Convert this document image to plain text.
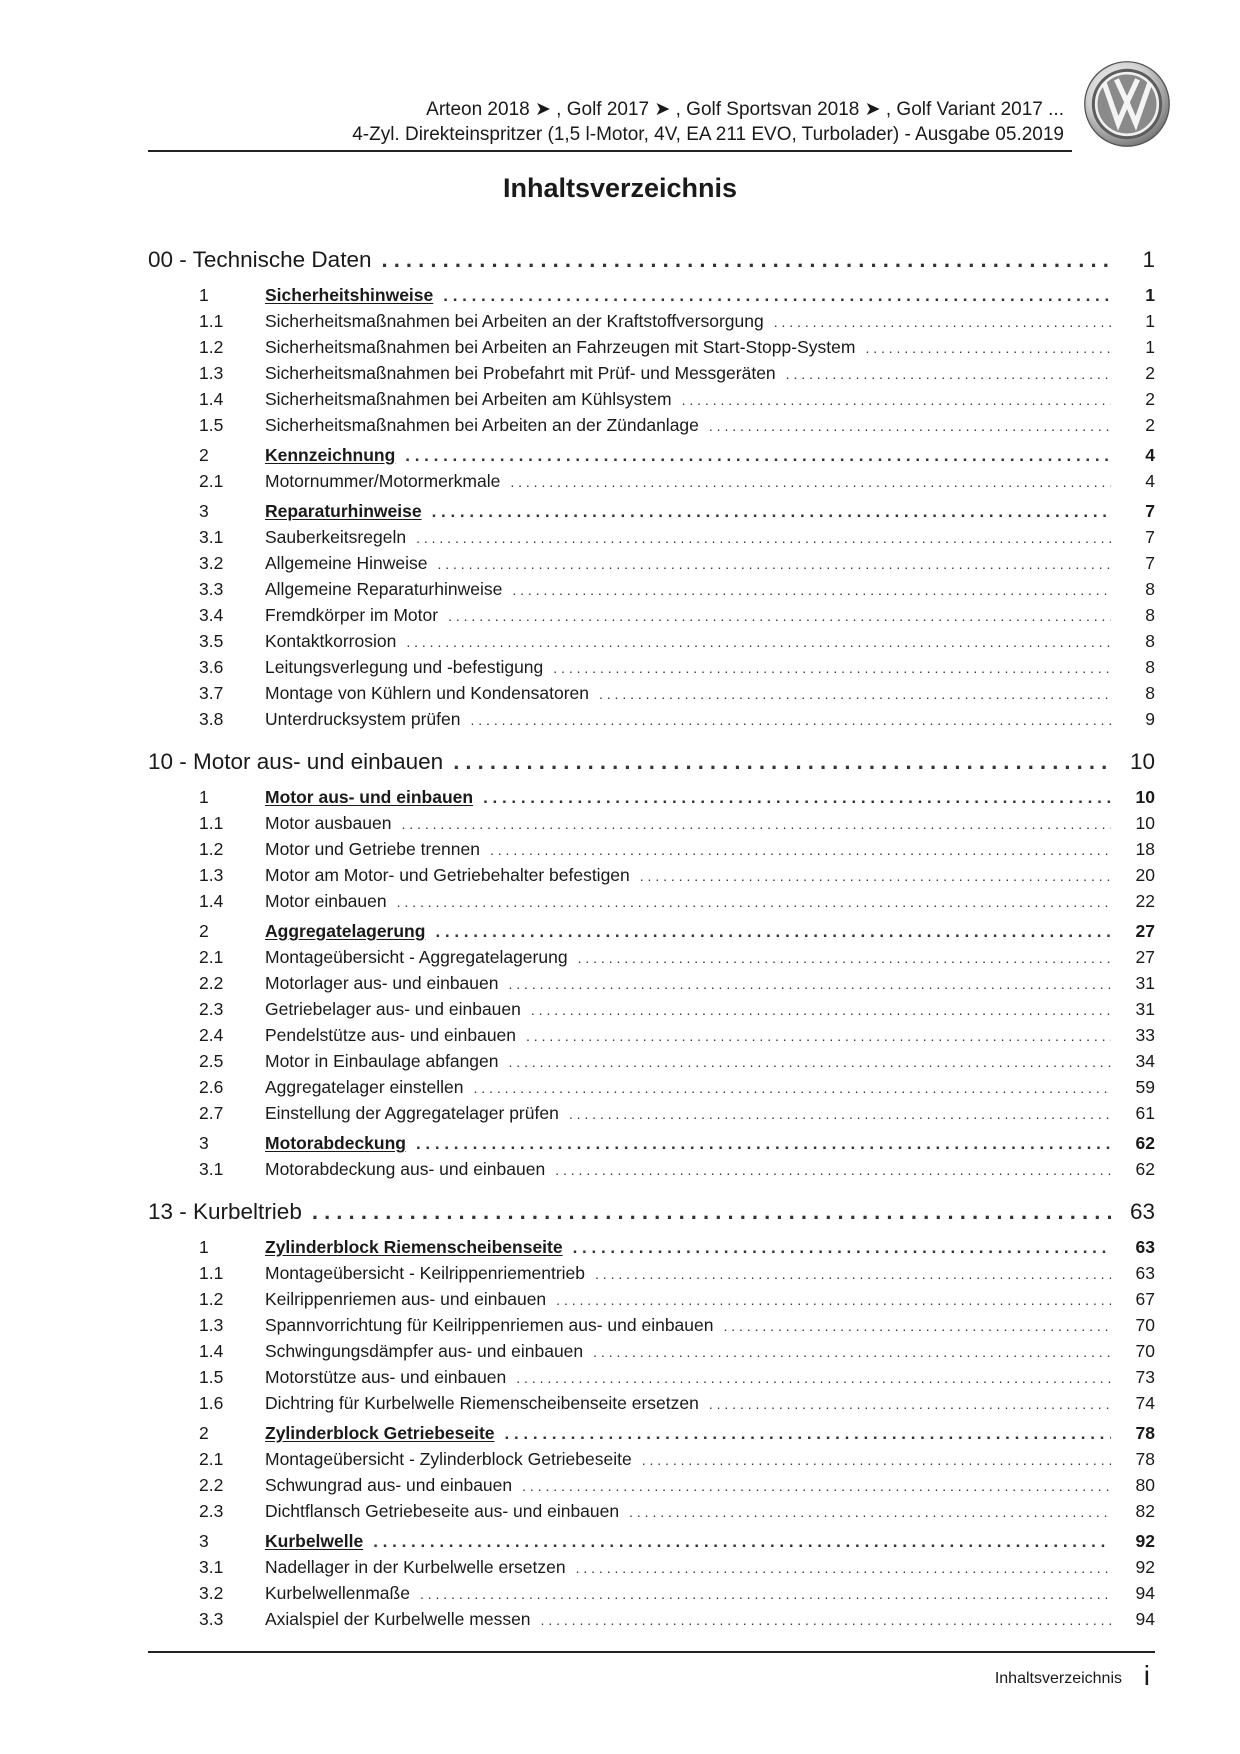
Arteon 2018 ➤ , Golf 2017 ➤ , Golf Sportsvan 2018 ➤ , Golf Variant 2017 ...
4-Zyl. Direkteinspritzer (1,5 l-Motor, 4V, EA 211 EVO, Turbolader) - Ausgabe 05.2019
Inhaltsverzeichnis
00 - Technische Daten . . .	1
1	Sicherheitshinweise . . .	1
1.1 Sicherheitsmaßnahmen bei Arbeiten an der Kraftstoffversorgung . . .	1
1.2 Sicherheitsmaßnahmen bei Arbeiten an Fahrzeugen mit Start-Stopp-System . . .	1
1.3 Sicherheitsmaßnahmen bei Probefahrt mit Prüf- und Messgeräten . . .	2
1.4 Sicherheitsmaßnahmen bei Arbeiten am Kühlsystem . . .	2
1.5 Sicherheitsmaßnahmen bei Arbeiten an der Zündanlage . . .	2
2	Kennzeichnung . . .	4
2.1 Motornummer/Motormerkmale . . .	4
3	Reparaturhinweise . . .	7
3.1 Sauberkeitsregeln . . .	7
3.2 Allgemeine Hinweise . . .	7
3.3 Allgemeine Reparaturhinweise . . .	8
3.4 Fremdkörper im Motor . . .	8
3.5 Kontaktkorrosion . . .	8
3.6 Leitungsverlegung und -befestigung . . .	8
3.7 Montage von Kühlern und Kondensatoren . . .	8
3.8 Unterdrucksystem prüfen . . .	9
10 - Motor aus- und einbauen . . .	10
1	Motor aus- und einbauen . . .	10
1.1 Motor ausbauen . . .	10
1.2 Motor und Getriebe trennen . . .	18
1.3 Motor am Motor- und Getriebehalter befestigen . . .	20
1.4 Motor einbauen . . .	22
2	Aggregatelagerung . . .	27
2.1 Montageübersicht - Aggregatelagerung . . .	27
2.2 Motorlager aus- und einbauen . . .	31
2.3 Getriebelager aus- und einbauen . . .	31
2.4 Pendelstütze aus- und einbauen . . .	33
2.5 Motor in Einbaulage abfangen . . .	34
2.6 Aggregatelager einstellen . . .	59
2.7 Einstellung der Aggregatelager prüfen . . .	61
3	Motorabdeckung . . .	62
3.1 Motorabdeckung aus- und einbauen . . .	62
13 - Kurbeltrieb . . .	63
1	Zylinderblock Riemenscheibenseite . . .	63
1.1 Montageübersicht - Keilrippenriementrieb . . .	63
1.2 Keilrippenriemen aus- und einbauen . . .	67
1.3 Spannvorrichtung für Keilrippenriemen aus- und einbauen . . .	70
1.4 Schwingungsdämpfer aus- und einbauen . . .	70
1.5 Motorstütze aus- und einbauen . . .	73
1.6 Dichtring für Kurbelwelle Riemenscheibenseite ersetzen . . .	74
2	Zylinderblock Getriebeseite . . .	78
2.1 Montageübersicht - Zylinderblock Getriebeseite . . .	78
2.2 Schwungrad aus- und einbauen . . .	80
2.3 Dichtflansch Getriebeseite aus- und einbauen . . .	82
3	Kurbelwelle . . .	92
3.1 Nadellager in der Kurbelwelle ersetzen . . .	92
3.2 Kurbelwellenmaße . . .	94
3.3 Axialspiel der Kurbelwelle messen . . .	94
Inhaltsverzeichnis i
